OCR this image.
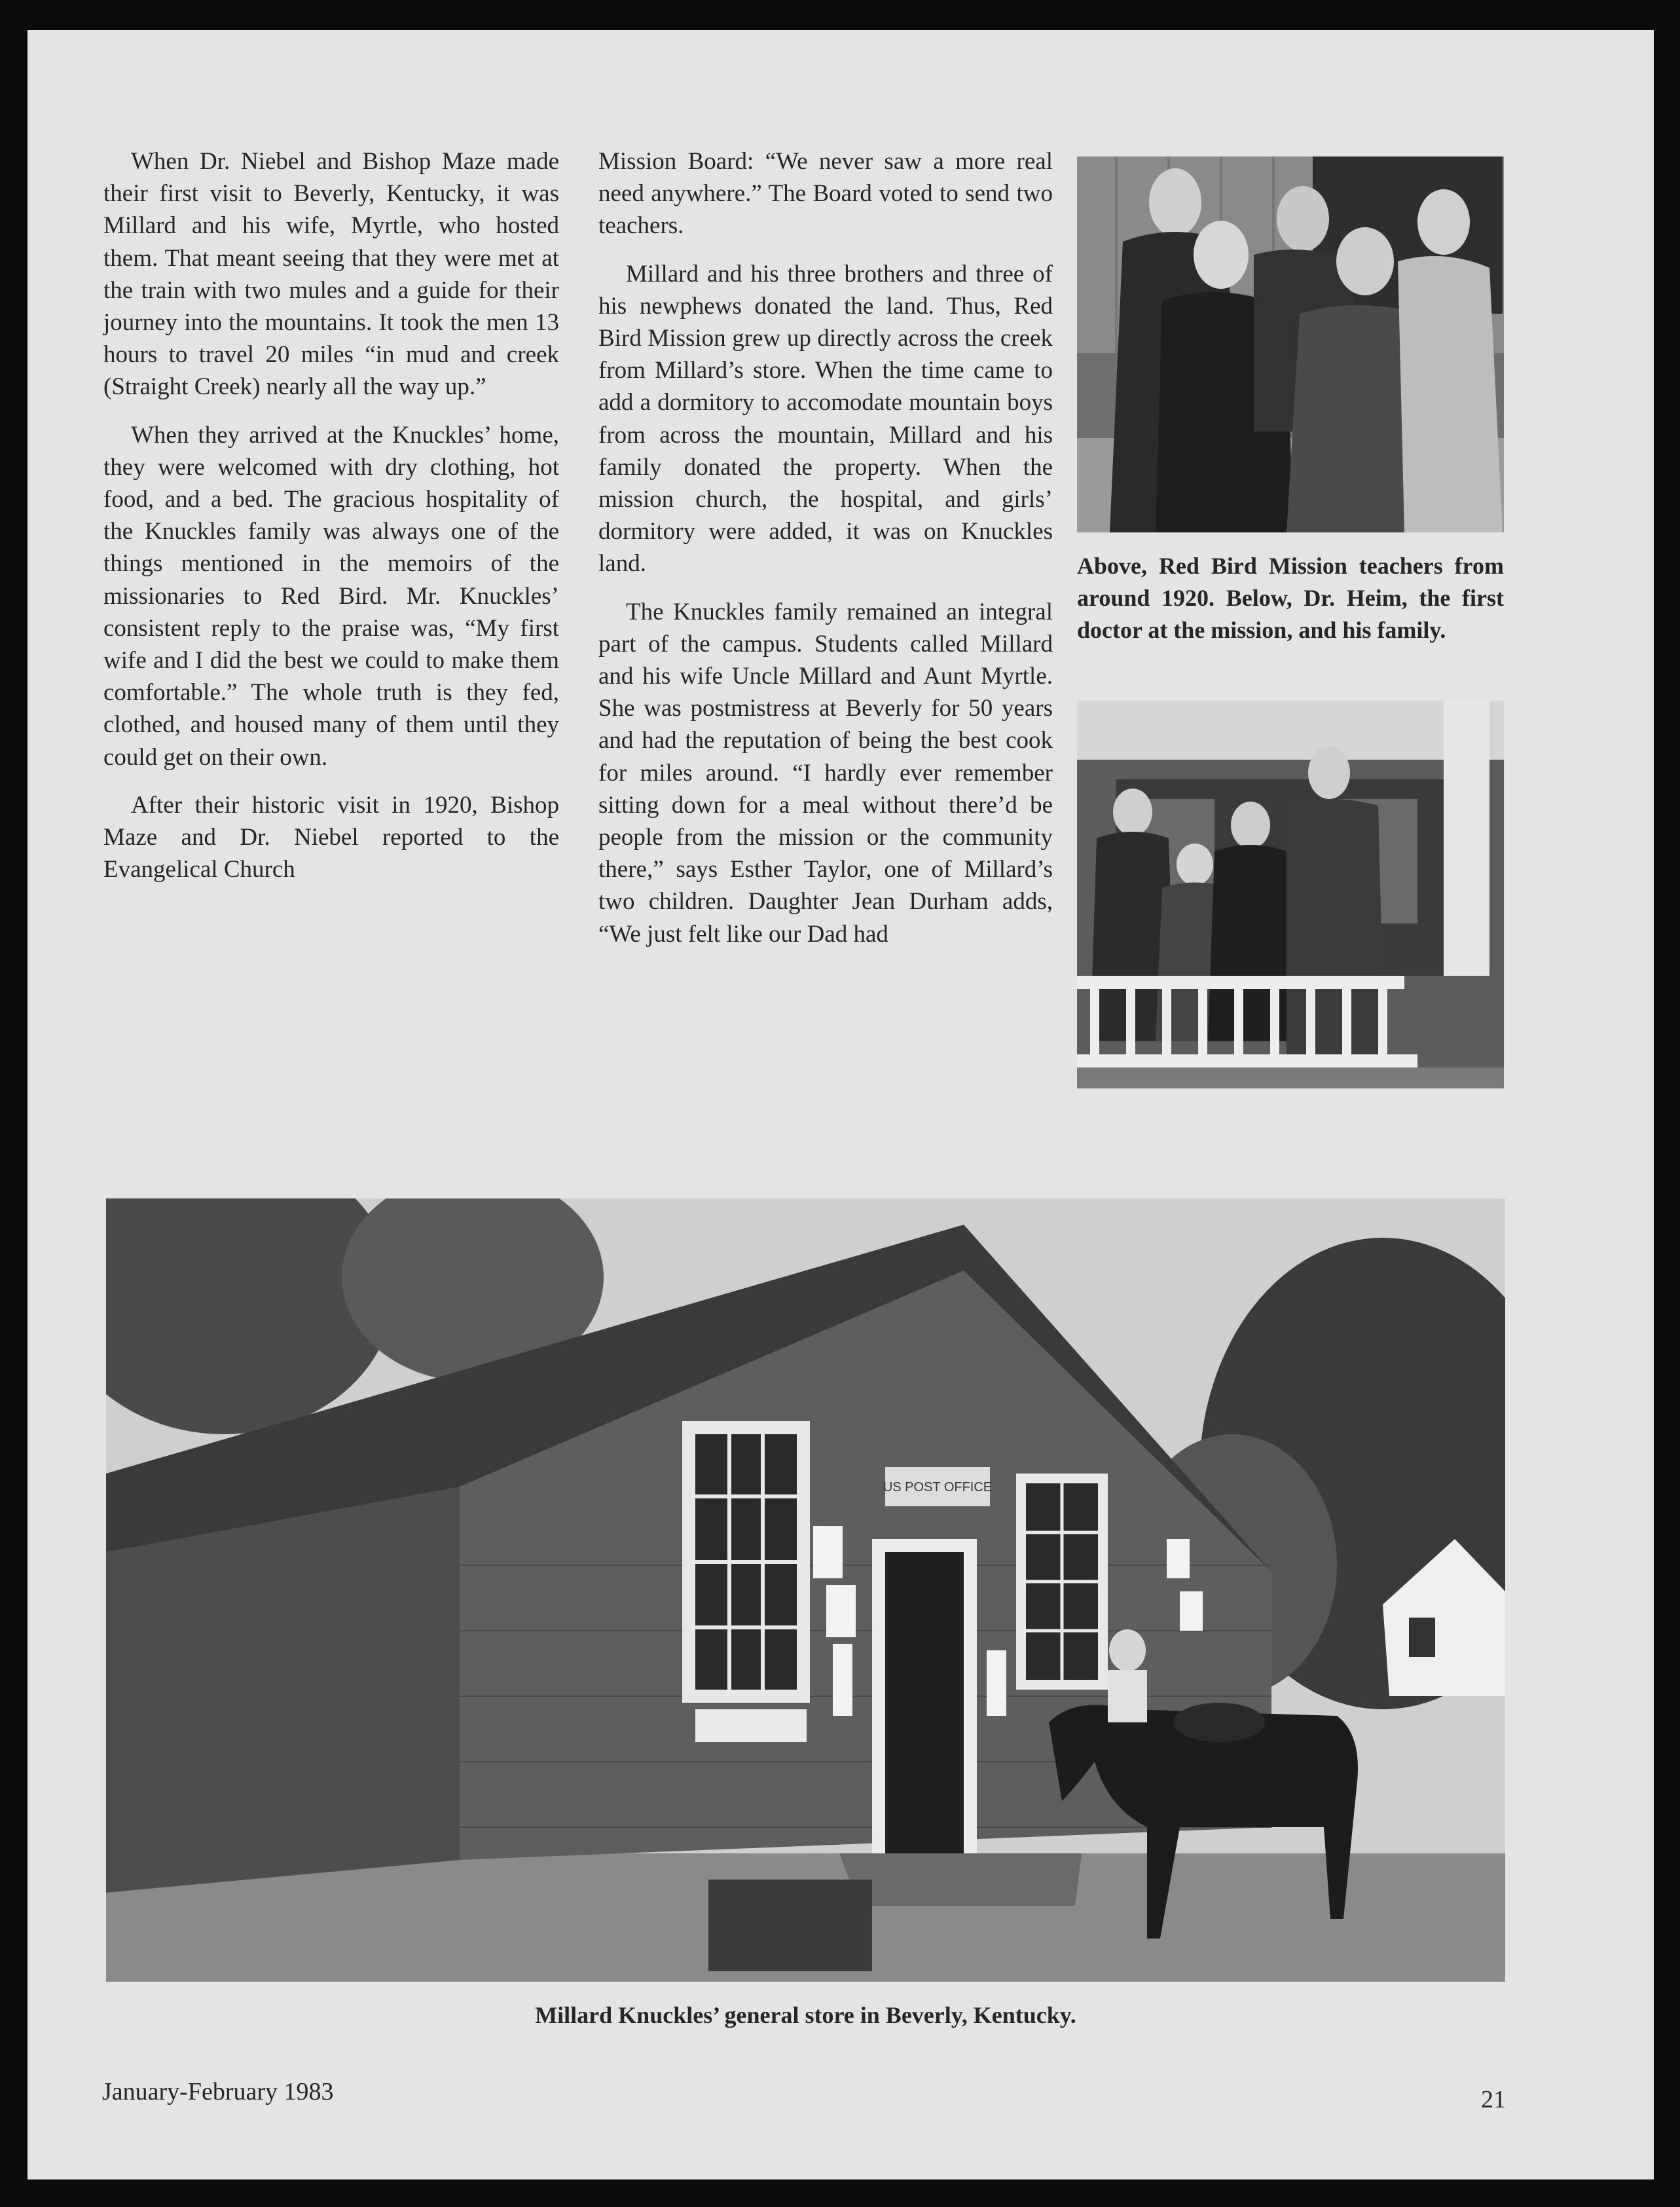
When Dr. Niebel and Bishop Maze made their first visit to Beverly, Kentucky, it was Millard and his wife, Myrtle, who hosted them. That meant seeing that they were met at the train with two mules and a guide for their journey into the mountains. It took the men 13 hours to travel 20 miles “in mud and creek (Straight Creek) nearly all the way up.”

When they arrived at the Knuckles’ home, they were welcomed with dry clothing, hot food, and a bed. The gracious hospitality of the Knuckles family was always one of the things mentioned in the memoirs of the missionaries to Red Bird. Mr. Knuckles’ consistent reply to the praise was, “My first wife and I did the best we could to make them comfortable.” The whole truth is they fed, clothed, and housed many of them until they could get on their own.

After their historic visit in 1920, Bishop Maze and Dr. Niebel reported to the Evangelical Church

Mission Board: “We never saw a more real need anywhere.” The Board voted to send two teachers.

Millard and his three brothers and three of his newphews donated the land. Thus, Red Bird Mission grew up directly across the creek from Millard’s store. When the time came to add a dormitory to accomodate mountain boys from across the mountain, Millard and his family donated the property. When the mission church, the hospital, and girls’ dormitory were added, it was on Knuckles land.

The Knuckles family remained an integral part of the campus. Students called Millard and his wife Uncle Millard and Aunt Myrtle. She was postmistress at Beverly for 50 years and had the reputation of being the best cook for miles around. “I hardly ever remember sitting down for a meal without there’d be people from the mission or the community there,” says Esther Taylor, one of Millard’s two children. Daughter Jean Durham adds, “We just felt like our Dad had

Above, Red Bird Mission teachers from around 1920. Below, Dr. Heim, the first doctor at the mission, and his family.
US POST OFFICE
Millard Knuckles’ general store in Beverly, Kentucky.
January-February 1983	21
